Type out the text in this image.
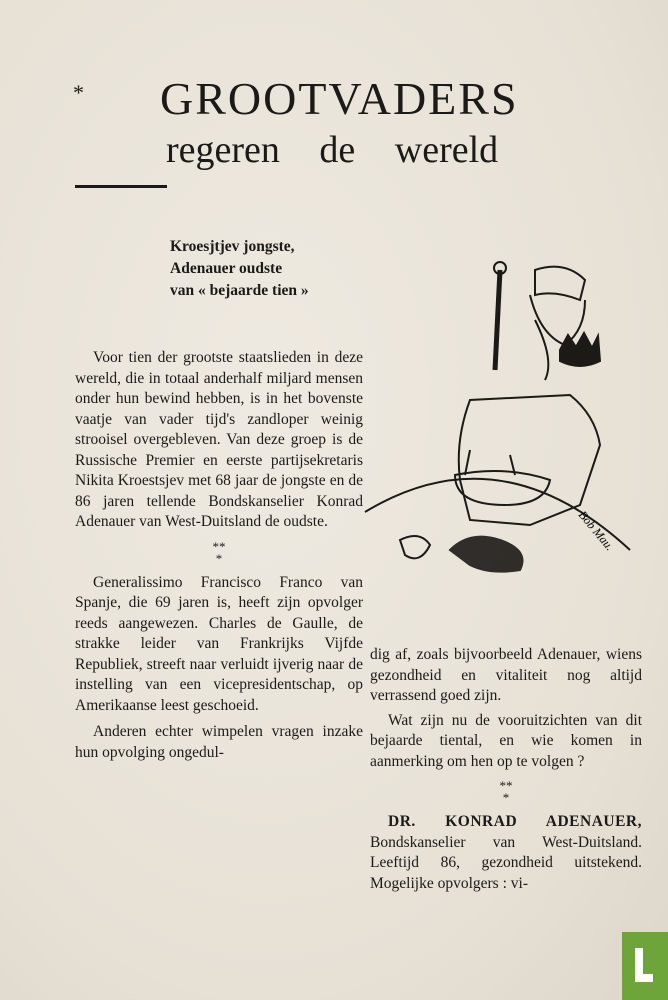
* GROOTVADERS
regeren de wereld
Kroesjtjev jongste,
Adenauer oudste
van « bejaarde tien »
Bob Mau.

Voor tien der grootste staatslieden in deze wereld, die in totaal anderhalf miljard mensen onder hun bewind hebben, is in het bovenste vaatje van vader tijd's zandloper weinig strooisel overgebleven. Van deze groep is de Russische Premier en eerste partijsekretaris Nikita Kroestsjev met 68 jaar de jongste en de 86 jaren tellende Bondskanselier Konrad Adenauer van West-Duitsland de oudste.

**
*

Generalissimo Francisco Franco van Spanje, die 69 jaren is, heeft zijn opvolger reeds aangewezen. Charles de Gaulle, de strakke leider van Frankrijks Vijfde Republiek, streeft naar verluidt ijverig naar de instelling van een vicepresidentschap, op Amerikaanse leest geschoeid.

Anderen echter wimpelen vragen inzake hun opvolging ongedul-

dig af, zoals bijvoorbeeld Adenauer, wiens gezondheid en vitaliteit nog altijd verrassend goed zijn.

Wat zijn nu de vooruitzichten van dit bejaarde tiental, en wie komen in aanmerking om hen op te volgen ?

**
*

DR. KONRAD ADENAUER, Bondskanselier van West-Duitsland. Leeftijd 86, gezondheid uitstekend. Mogelijke opvolgers : vi-
